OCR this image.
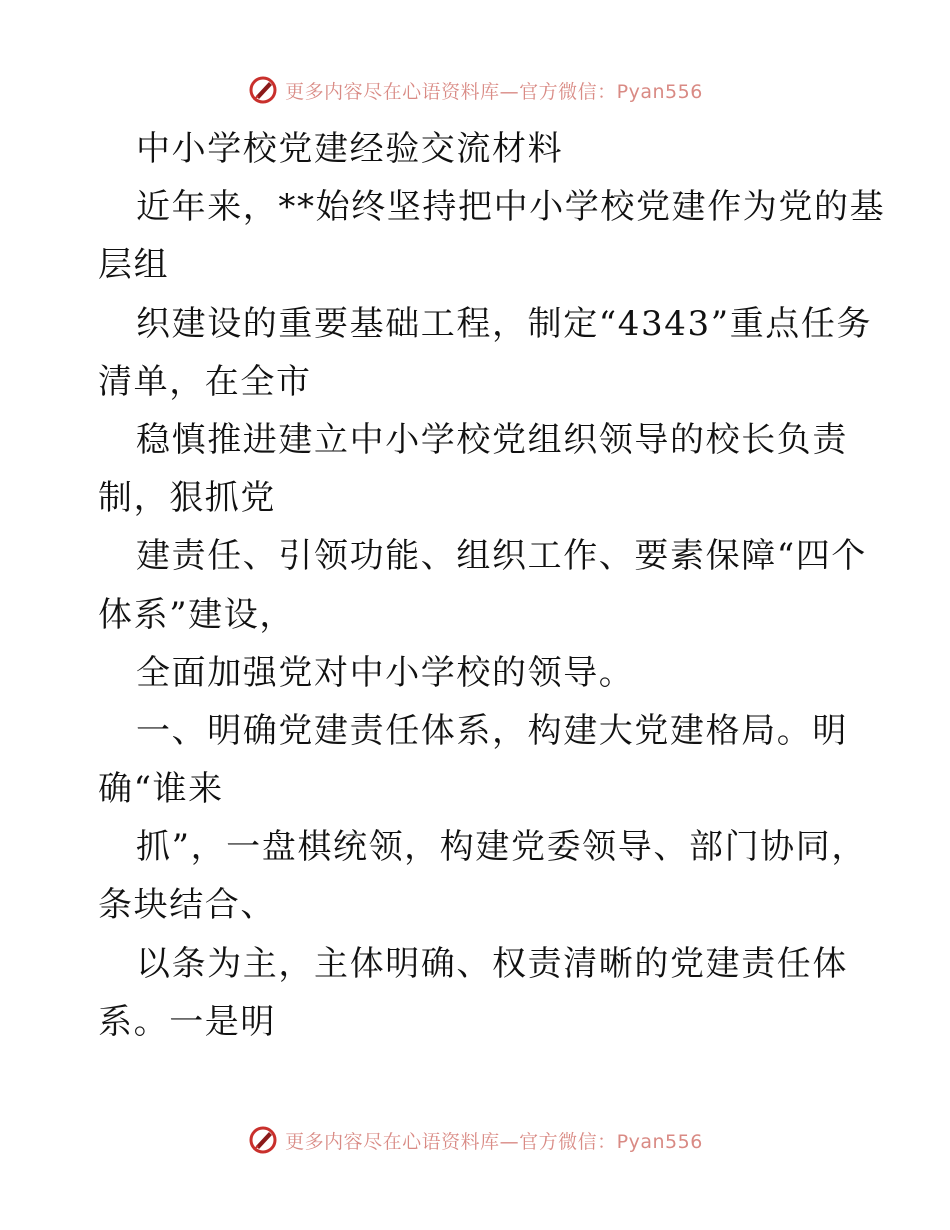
更多内容尽在心语资料库—官方微信：Pyan556
中小学校党建经验交流材料
近年来，**始终坚持把中小学校党建作为党的基
层组
织建设的重要基础工程，制定“4343”重点任务
清单，在全市
稳慎推进建立中小学校党组织领导的校长负责
制，狠抓党
建责任、引领功能、组织工作、要素保障“四个
体系”建设，
全面加强党对中小学校的领导。
一、明确党建责任体系，构建大党建格局。明
确“谁来
抓”，一盘棋统领，构建党委领导、部门协同，
条块结合、
以条为主，主体明确、权责清晰的党建责任体
系。一是明
更多内容尽在心语资料库—官方微信：Pyan556
